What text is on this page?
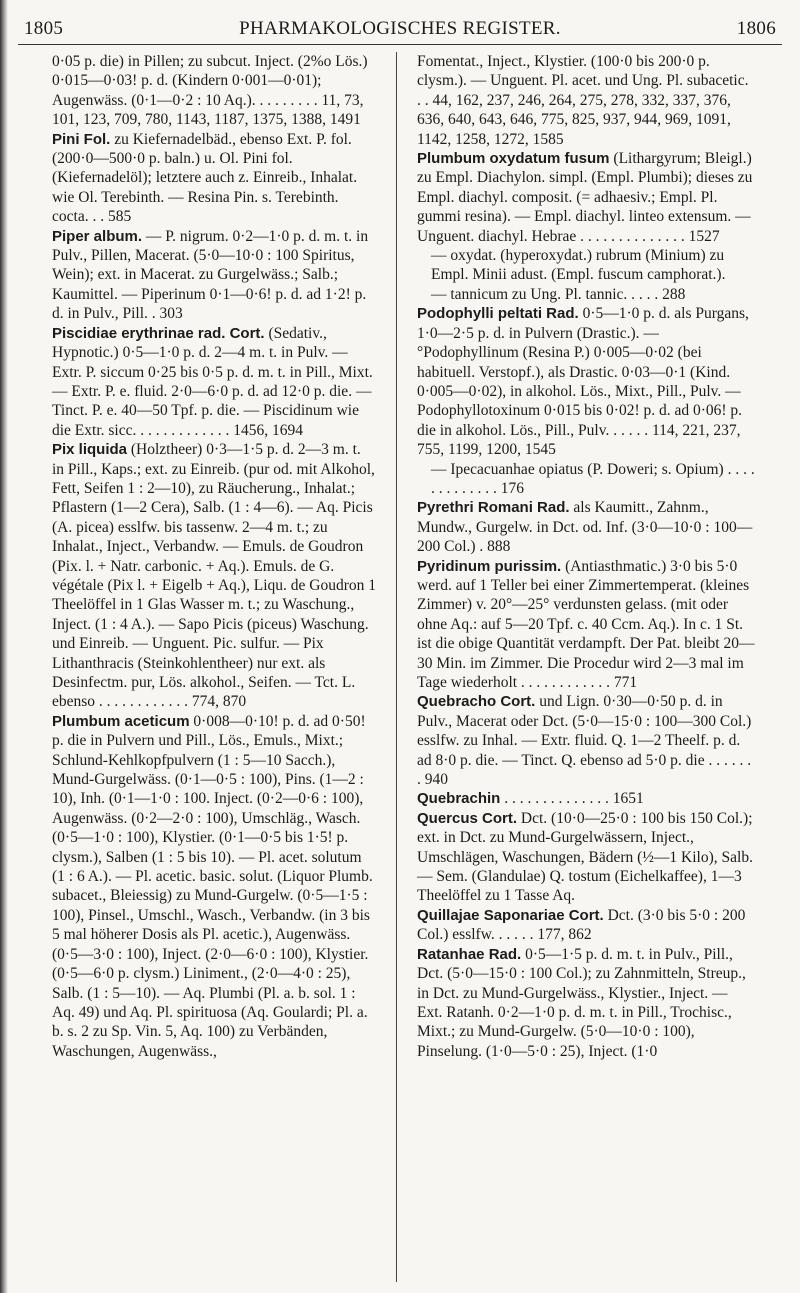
1805	PHARMAKOLOGISCHES REGISTER.	1806

0·05 p. die) in Pillen; zu subcut. Inject. (2%o Lös.) 0·015—0·03! p. d. (Kindern 0·001—0·01); Augenwäss. (0·1—0·2 : 10 Aq.). . . . . . . . . 11, 73, 101, 123, 709, 780, 1143, 1187, 1375, 1388, 1491

Pini Fol. zu Kiefernadelbäd., ebenso Ext. P. fol. (200·0—500·0 p. baln.) u. Ol. Pini fol. (Kiefernadelöl); letztere auch z. Einreib., Inhalat. wie Ol. Terebinth. — Resina Pin. s. Terebinth. cocta. . . 585

Piper album. — P. nigrum. 0·2—1·0 p. d. m. t. in Pulv., Pillen, Macerat. (5·0—10·0 : 100 Spiritus, Wein); ext. in Macerat. zu Gurgelwäss.; Salb.; Kaumittel. — Piperinum 0·1—0·6! p. d. ad 1·2! p. d. in Pulv., Pill. . 303

Piscidiae erythrinae rad. Cort. (Sedativ., Hypnotic.) 0·5—1·0 p. d. 2—4 m. t. in Pulv. — Extr. P. siccum 0·25 bis 0·5 p. d. m. t. in Pill., Mixt. — Extr. P. e. fluid. 2·0—6·0 p. d. ad 12·0 p. die. — Tinct. P. e. 40—50 Tpf. p. die. — Piscidinum wie die Extr. sicc. . . . . . . . . . . . . 1456, 1694

Pix liquida (Holztheer) 0·3—1·5 p. d. 2—3 m. t. in Pill., Kaps.; ext. zu Einreib. (pur od. mit Alkohol, Fett, Seifen 1 : 2—10), zu Räucherung., Inhalat.; Pflastern (1—2 Cera), Salb. (1 : 4—6). — Aq. Picis (A. picea) esslfw. bis tassenw. 2—4 m. t.; zu Inhalat., Inject., Verbandw. — Emuls. de Goudron (Pix. l. + Natr. carbonic. + Aq.). Emuls. de G. végétale (Pix l. + Eigelb + Aq.), Liqu. de Goudron 1 Theelöffel in 1 Glas Wasser m. t.; zu Waschung., Inject. (1 : 4 A.). — Sapo Picis (piceus) Waschung. und Einreib. — Unguent. Pic. sulfur. — Pix Lithanthracis (Steinkohlentheer) nur ext. als Desinfectm. pur, Lös. alkohol., Seifen. — Tct. L. ebenso . . . . . . . . . . . . 774, 870

Plumbum aceticum 0·008—0·10! p. d. ad 0·50! p. die in Pulvern und Pill., Lös., Emuls., Mixt.; Schlund-Kehlkopfpulvern (1 : 5—10 Sacch.), Mund-Gurgelwäss. (0·1—0·5 : 100), Pins. (1—2 : 10), Inh. (0·1—1·0 : 100. Inject. (0·2—0·6 : 100), Augenwäss. (0·2—2·0 : 100), Umschläg., Wasch. (0·5—1·0 : 100), Klystier. (0·1—0·5 bis 1·5! p. clysm.), Salben (1 : 5 bis 10). — Pl. acet. solutum (1 : 6 A.). — Pl. acetic. basic. solut. (Liquor Plumb. subacet., Bleiessig) zu Mund-Gurgelw. (0·5—1·5 : 100), Pinsel., Umschl., Wasch., Verbandw. (in 3 bis 5 mal höherer Dosis als Pl. acetic.), Augenwäss. (0·5—3·0 : 100), Inject. (2·0—6·0 : 100), Klystier. (0·5—6·0 p. clysm.) Liniment., (2·0—4·0 : 25), Salb. (1 : 5—10). — Aq. Plumbi (Pl. a. b. sol. 1 : Aq. 49) und Aq. Pl. spirituosa (Aq. Goulardi; Pl. a. b. s. 2 zu Sp. Vin. 5, Aq. 100) zu Verbänden, Waschungen, Augenwäss.,

Fomentat., Inject., Klystier. (100·0 bis 200·0 p. clysm.). — Unguent. Pl. acet. und Ung. Pl. subacetic. . . 44, 162, 237, 246, 264, 275, 278, 332, 337, 376, 636, 640, 643, 646, 775, 825, 937, 944, 969, 1091, 1142, 1258, 1272, 1585

Plumbum oxydatum fusum (Lithargyrum; Bleigl.) zu Empl. Diachylon. simpl. (Empl. Plumbi); dieses zu Empl. diachyl. composit. (= adhaesiv.; Empl. Pl. gummi resina). — Empl. diachyl. linteo extensum. — Unguent. diachyl. Hebrae . . . . . . . . . . . . . . 1527

— oxydat. (hyperoxydat.) rubrum (Minium) zu Empl. Minii adust. (Empl. fuscum camphorat.).

— tannicum zu Ung. Pl. tannic. . . . . 288

Podophylli peltati Rad. 0·5—1·0 p. d. als Purgans, 1·0—2·5 p. d. in Pulvern (Drastic.). — °Podophyllinum (Resina P.) 0·005—0·02 (bei habituell. Verstopf.), als Drastic. 0·03—0·1 (Kind. 0·005—0·02), in alkohol. Lös., Mixt., Pill., Pulv. — Podophyllotoxinum 0·015 bis 0·02! p. d. ad 0·06! p. die in alkohol. Lös., Pill., Pulv. . . . . . 114, 221, 237, 755, 1199, 1200, 1545

— Ipecacuanhae opiatus (P. Doweri; s. Opium) . . . . . . . . . . . . . 176

Pyrethri Romani Rad. als Kaumitt., Zahnm., Mundw., Gurgelw. in Dct. od. Inf. (3·0—10·0 : 100—200 Col.) . 888

Pyridinum purissim. (Antiasthmatic.) 3·0 bis 5·0 werd. auf 1 Teller bei einer Zimmertemperat. (kleines Zimmer) v. 20°—25° verdunsten gelass. (mit oder ohne Aq.: auf 5—20 Tpf. c. 40 Ccm. Aq.). In c. 1 St. ist die obige Quantität verdampft. Der Pat. bleibt 20—30 Min. im Zimmer. Die Procedur wird 2—3 mal im Tage wiederholt . . . . . . . . . . . . 771

Quebracho Cort. und Lign. 0·30—0·50 p. d. in Pulv., Macerat oder Dct. (5·0—15·0 : 100—300 Col.) esslfw. zu Inhal. — Extr. fluid. Q. 1—2 Theelf. p. d. ad 8·0 p. die. — Tinct. Q. ebenso ad 5·0 p. die . . . . . . . 940

Quebrachin . . . . . . . . . . . . . . 1651

Quercus Cort. Dct. (10·0—25·0 : 100 bis 150 Col.); ext. in Dct. zu Mund-Gurgelwässern, Inject., Umschlägen, Waschungen, Bädern (½—1 Kilo), Salb. — Sem. (Glandulae) Q. tostum (Eichelkaffee), 1—3 Theelöffel zu 1 Tasse Aq.

Quillajae Saponariae Cort. Dct. (3·0 bis 5·0 : 200 Col.) esslfw. . . . . . 177, 862

Ratanhae Rad. 0·5—1·5 p. d. m. t. in Pulv., Pill., Dct. (5·0—15·0 : 100 Col.); zu Zahnmitteln, Streup., in Dct. zu Mund-Gurgelwäss., Klystier., Inject. — Ext. Ratanh. 0·2—1·0 p. d. m. t. in Pill., Trochisc., Mixt.; zu Mund-Gurgelw. (5·0—10·0 : 100), Pinselung. (1·0—5·0 : 25), Inject. (1·0
